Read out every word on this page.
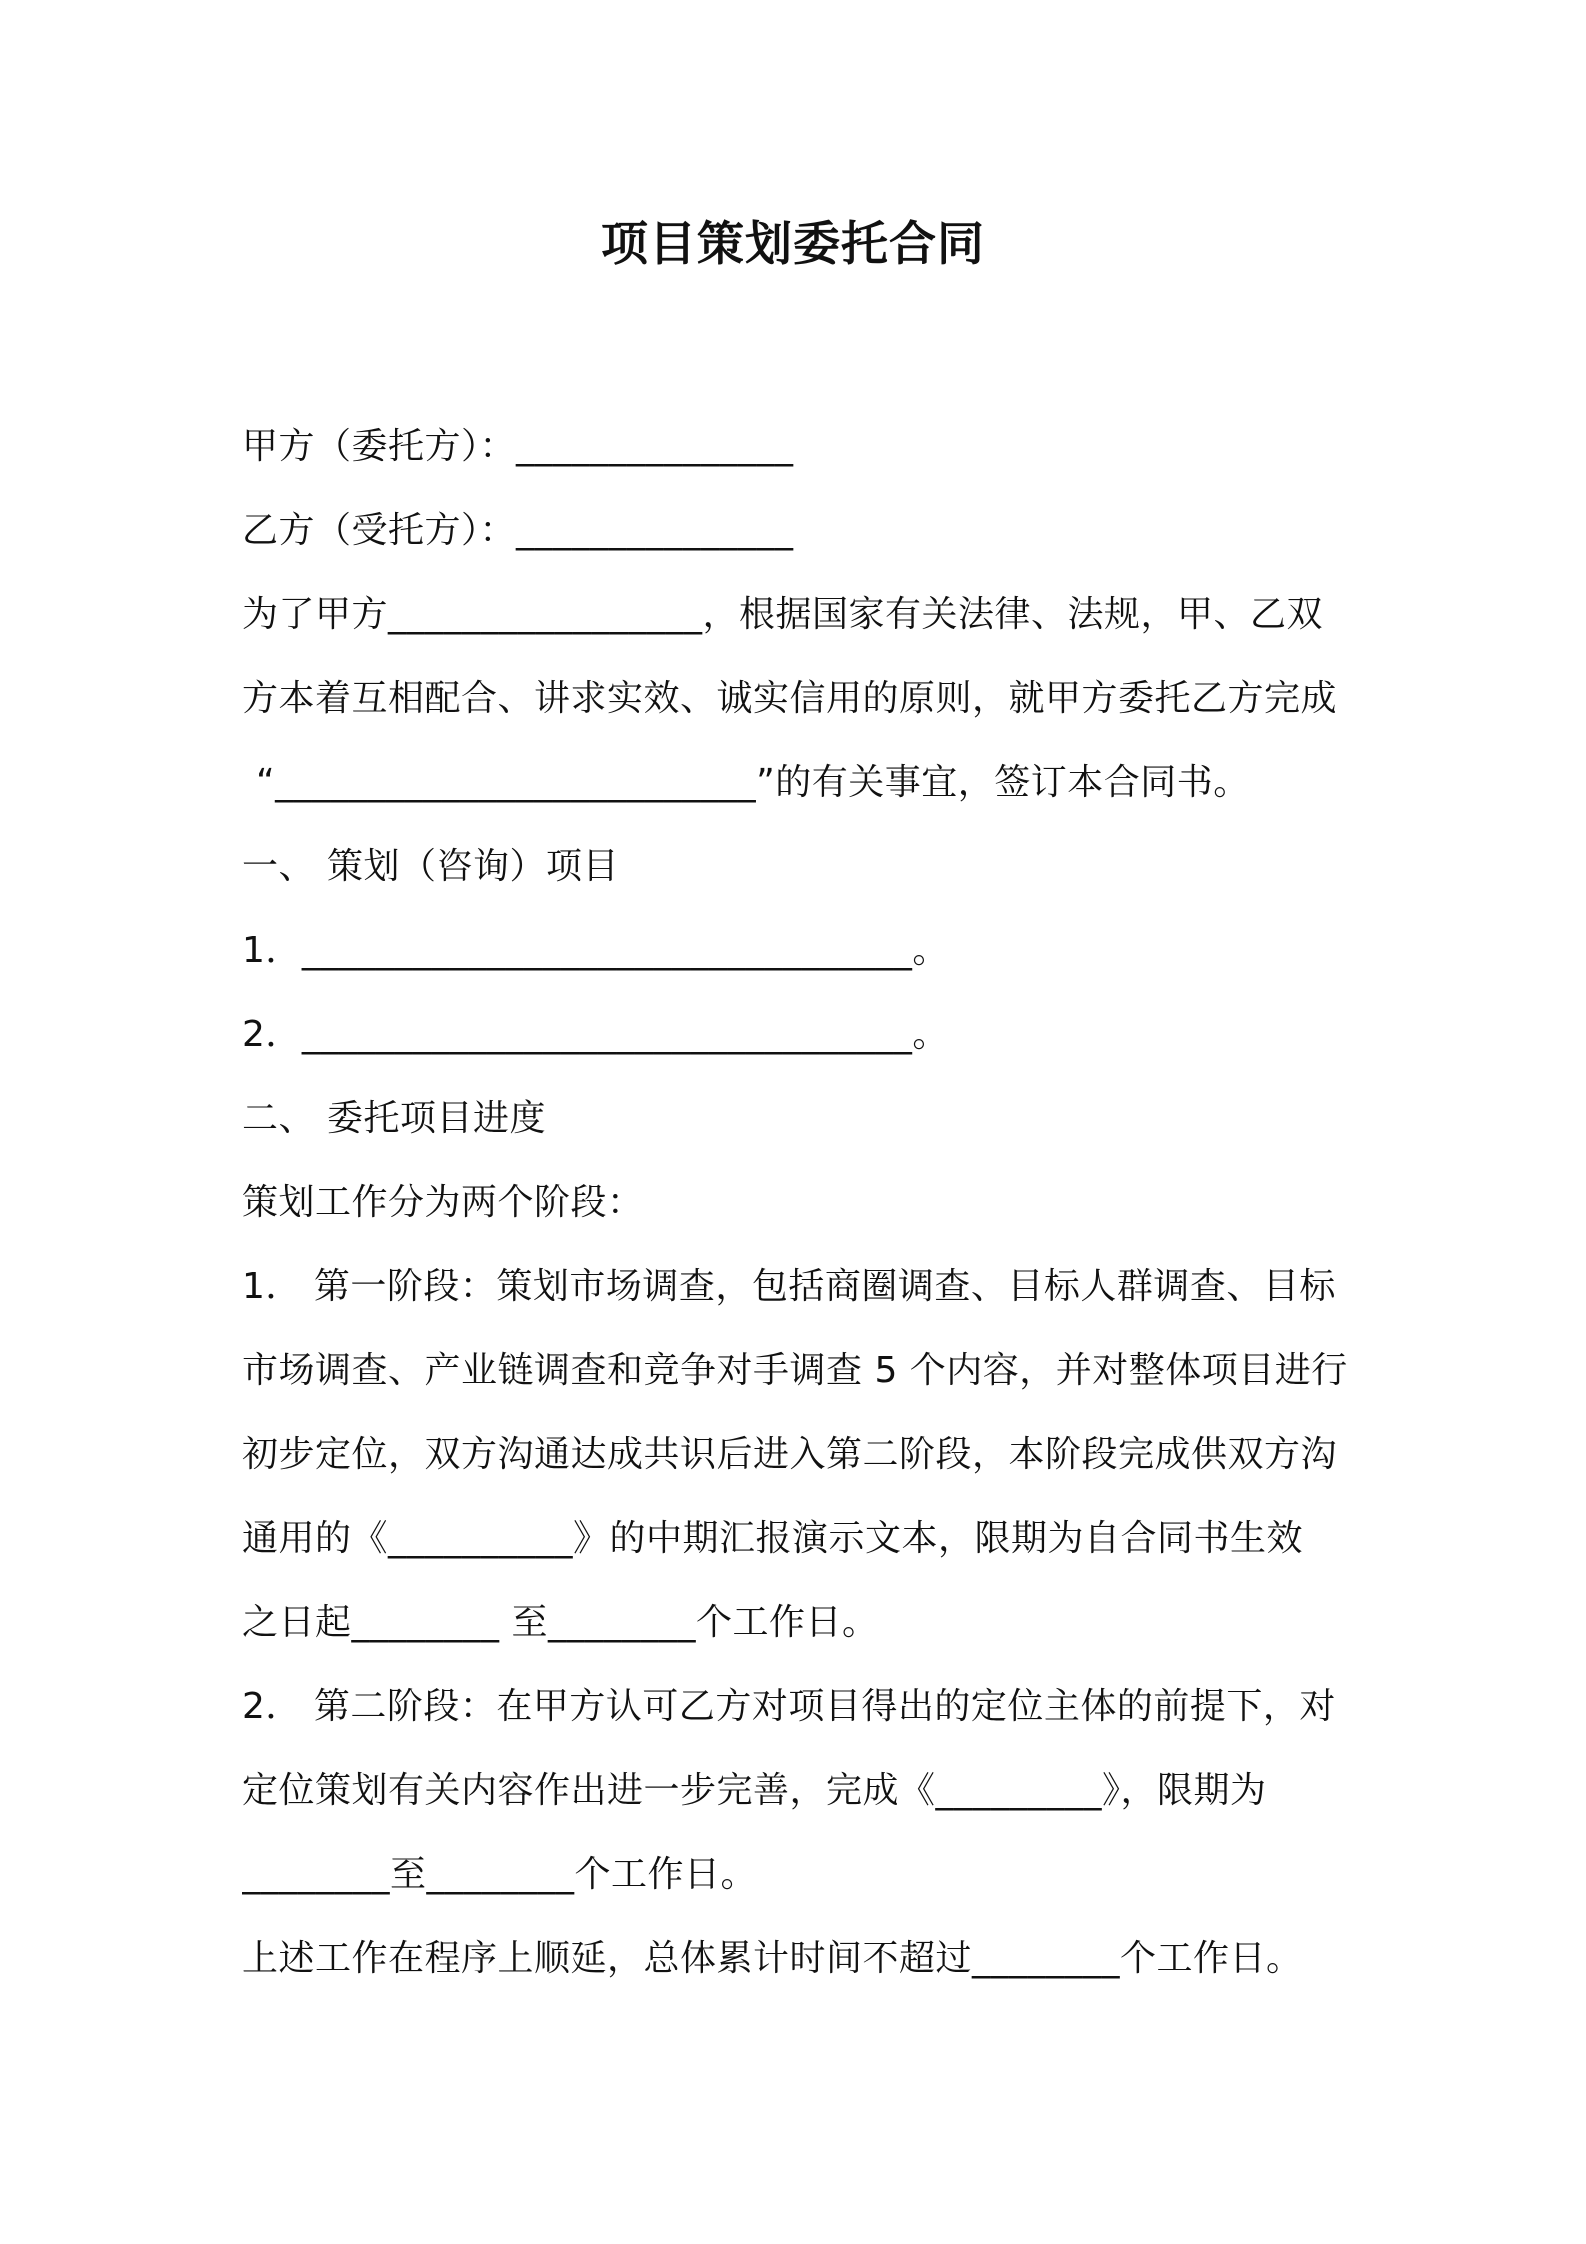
项目策划委托合同
甲方（委托方）：_______________
乙方（受托方）：_______________
为了甲方_________________，根据国家有关法律、法规，甲、乙双
方本着互相配合、讲求实效、诚实信用的原则，就甲方委托乙方完成
“__________________________”的有关事宜，签订本合同书。
一、 策划（咨询）项目
1．_________________________________。
2．_________________________________。
二、 委托项目进度
策划工作分为两个阶段：
1． 第一阶段：策划市场调查，包括商圈调查、目标人群调查、目标
市场调查、产业链调查和竞争对手调查 5 个内容，并对整体项目进行
初步定位，双方沟通达成共识后进入第二阶段，本阶段完成供双方沟
通用的《__________》的中期汇报演示文本，限期为自合同书生效
之日起________ 至________个工作日。
2． 第二阶段：在甲方认可乙方对项目得出的定位主体的前提下，对
定位策划有关内容作出进一步完善，完成《_________》，限期为
________至________个工作日。
上述工作在程序上顺延，总体累计时间不超过________个工作日。
